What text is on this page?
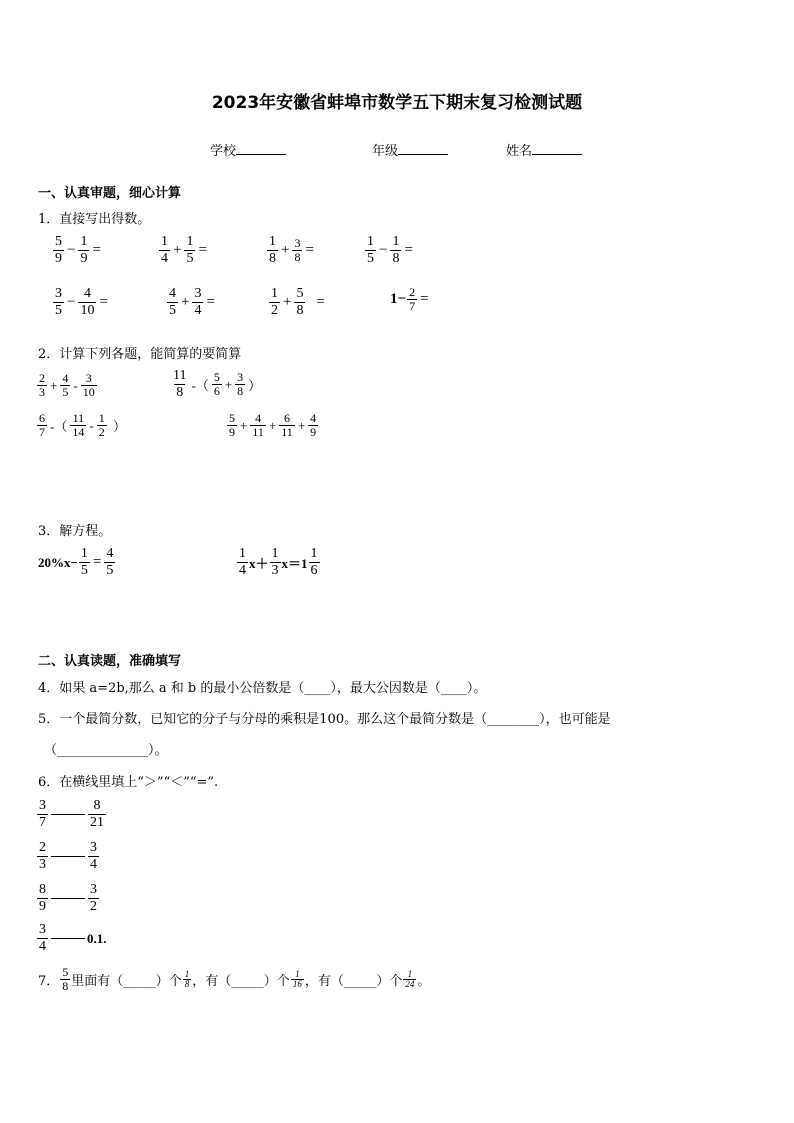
2023年安徽省蚌埠市数学五下期末复习检测试题
学校	年级	姓名
一、认真审题，细心计算
1．直接写出得数。
$\frac{5}{9} - \frac{1}{9}$ =	$\frac{1}{4} + \frac{1}{5}$ =	$\frac{1}{8} + \frac{3}{8}$ =	$\frac{1}{5} - \frac{1}{8}$ =
$\frac{3}{5} - \frac{4}{10}$ =	$\frac{4}{5} + \frac{3}{4}$ =	$\frac{1}{2} + \frac{5}{8}$ =	$1- \frac{2}{7}$ =
2．计算下列各题，能简算的要简算
$\frac{2}{3} + \frac{4}{5} - \frac{3}{10}$	$\frac{11}{8}$ -（ $\frac{5}{6} + \frac{3}{8}$ ）
$\frac{6}{7}$ -（ $\frac{11}{14} - \frac{1}{2}$ ）	$\frac{5}{9} + \frac{4}{11} + \frac{6}{11} + \frac{4}{9}$
3．解方程。
$20\%x- \frac{1}{5} = \frac{4}{5}$	$\frac{1}{4} x+ \frac{1}{3} x=1 \frac{1}{6}$
二、认真读题，准确填写
4．如果 a=2b,那么 a 和 b 的最小公倍数是（____），最大公因数是（____）。
5．一个最简分数，已知它的分子与分母的乘积是100。那么这个最简分数是（________），也可能是
（______________）。
6．在横线里填上“＞”“＜”“=”.
$\frac{3}{7}$	$\frac{8}{21}$
$\frac{2}{3}$	$\frac{3}{4}$
$\frac{8}{9}$	$\frac{3}{2}$
$\frac{3}{4}$	0.1.
7． $\frac{5}{8}$ 里面有（_____）个 $\frac{1}{8}$ ，有（_____）个 $\frac{1}{16}$ ，有（_____）个 $\frac{1}{24}$ 。
